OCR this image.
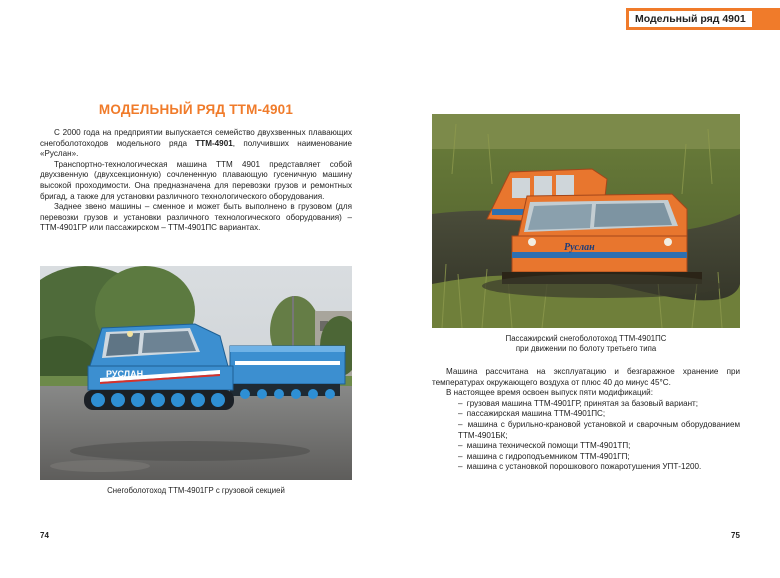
Модельный ряд 4901
МОДЕЛЬНЫЙ РЯД ТТМ-4901

С 2000 года на предприятии выпускается семейство двухзвенных плавающих снегоболотоходов модельного ряда ТТМ-4901, получивших наименование «Руслан».

Транспортно-технологическая машина ТТМ 4901 представляет собой двухзвенную (двухсекционную) сочлененную плавающую гусеничную машину высокой проходимости. Она предназначена для перевозки грузов и ремонтных бригад, а также для установки различного технологического оборудования.

Заднее звено машины – сменное и может быть выполнено в грузовом (для перевозки грузов и установки различного технологического оборудования) – ТТМ-4901ГР или пассажирском – ТТМ-4901ПС вариантах.

РУСЛАН
Снегоболотоход ТТМ-4901ГР с грузовой секцией
74
Руслан
Пассажирский снегоболотоход ТТМ-4901ПС
при движении по болоту третьего типа

Машина рассчитана на эксплуатацию и безгаражное хранение при температурах окружающего воздуха от плюс 40 до минус 45°С.

В настоящее время освоен выпуск пяти модификаций:

– грузовая машина ТТМ-4901ГР, принятая за базовый вариант;
– пассажирская машина ТТМ-4901ПС;
– машина с бурильно-крановой установкой и сварочным оборудованием ТТМ-4901БК;
– машина технической помощи ТТМ-4901ТП;
– машина с гидроподъемником ТТМ-4901ГП;
– машина с установкой порошкового пожаротушения УПТ-1200.
75
